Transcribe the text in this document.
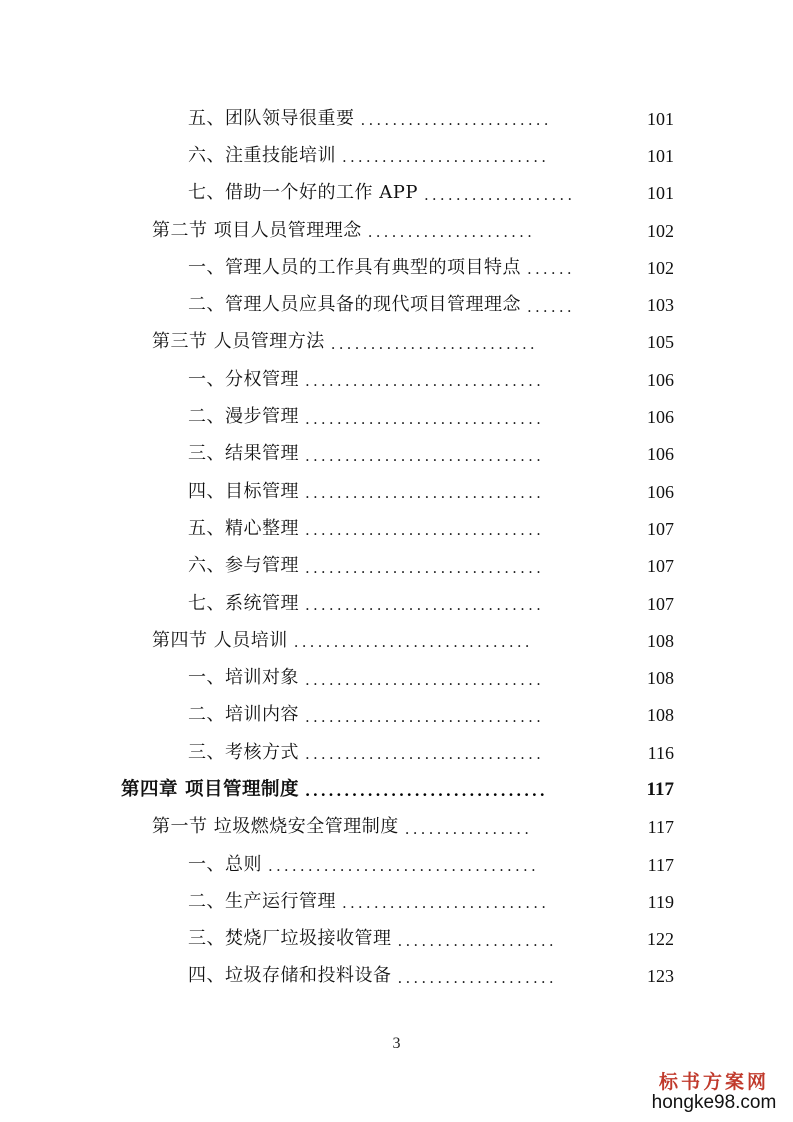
五、团队领导很重要 ........................	101
六、注重技能培训 ..........................	101
七、借助一个好的工作 APP ...................	101
第二节 项目人员管理理念 .....................	102
一、管理人员的工作具有典型的项目特点 ......	102
二、管理人员应具备的现代项目管理理念 ......	103
第三节 人员管理方法 ..........................	105
一、分权管理 ..............................	106
二、漫步管理 ..............................	106
三、结果管理 ..............................	106
四、目标管理 ..............................	106
五、精心整理 ..............................	107
六、参与管理 ..............................	107
七、系统管理 ..............................	107
第四节 人员培训 ..............................	108
一、培训对象 ..............................	108
二、培训内容 ..............................	108
三、考核方式 ..............................	116
第四章 项目管理制度 ...............................	117
第一节 垃圾燃烧安全管理制度 ................	117
一、总则 ..................................	117
二、生产运行管理 ..........................	119
三、焚烧厂垃圾接收管理 ....................	122
四、垃圾存储和投料设备 ....................	123
3
标书方案网
hongke98.com
